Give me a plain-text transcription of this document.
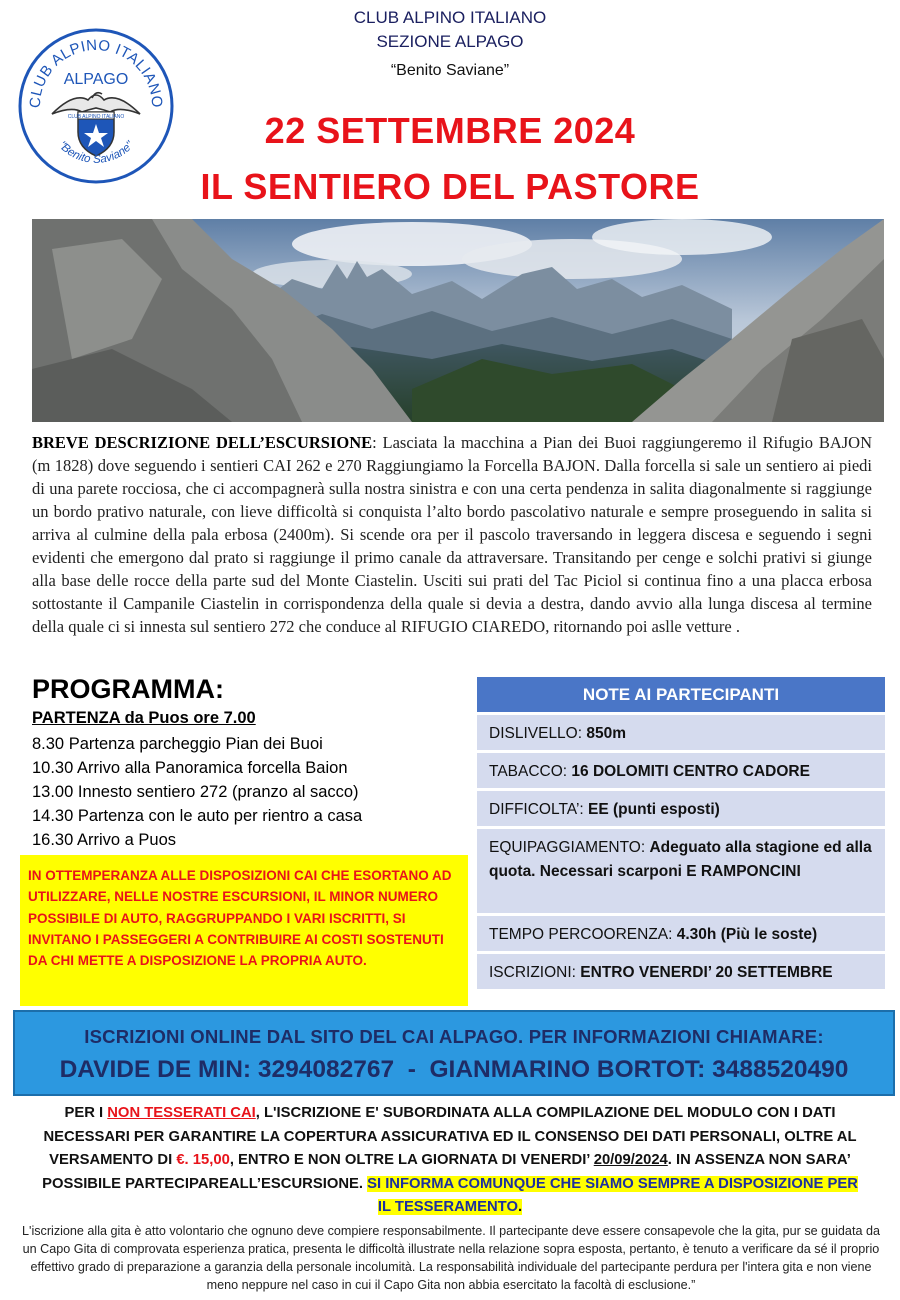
CLUB ALPINO ITALIANO
ALPAGO
CLUB ALPINO ITALIANO
"Benito Saviane"
CLUB ALPINO ITALIANO
SEZIONE ALPAGO
“Benito Saviane”
22 SETTEMBRE 2024
IL SENTIERO DEL PASTORE

BREVE DESCRIZIONE DELL’ESCURSIONE: Lasciata la macchina a Pian dei Buoi raggiungeremo il Rifugio BAJON (m 1828) dove seguendo i sentieri CAI 262 e 270 Raggiungiamo la Forcella BAJON. Dalla forcella si sale un sentiero ai piedi di una parete rocciosa, che ci accompagnerà sulla nostra sinistra e con una certa pendenza in salita diagonalmente si raggiunge un bordo prativo naturale, con lieve difficoltà si conquista l’alto bordo pascolativo naturale e sempre proseguendo in salita si arriva al culmine della pala erbosa (2400m). Si scende ora per il pascolo traversando in leggera discesa e seguendo i segni evidenti che emergono dal prato si raggiunge il primo canale da attraversare. Transitando per cenge e solchi prativi si giunge alla base delle rocce della parte sud del Monte Ciastelin. Usciti sui prati del Tac Piciol si continua fino a una placca erbosa sottostante il Campanile Ciastelin in corrispondenza della quale si devia a destra, dando avvio alla lunga discesa al termine della quale ci si innesta sul sentiero 272 che conduce al RIFUGIO CIAREDO, ritornando poi aslle vetture .

PROGRAMMA:
PARTENZA da Puos ore 7.00
8.30 Partenza parcheggio Pian dei Buoi
10.30 Arrivo alla Panoramica forcella Baion
13.00 Innesto sentiero 272 (pranzo al sacco)
14.30 Partenza con le auto per rientro a casa
16.30 Arrivo a Puos
IN OTTEMPERANZA ALLE DISPOSIZIONI CAI CHE ESORTANO AD UTILIZZARE, NELLE NOSTRE ESCURSIONI, IL MINOR NUMERO POSSIBILE DI AUTO, RAGGRUPPANDO I VARI ISCRITTI, SI INVITANO I PASSEGGERI A CONTRIBUIRE AI COSTI SOSTENUTI DA CHI METTE A DISPOSIZIONE LA PROPRIA AUTO.
NOTE AI PARTECIPANTI
DISLIVELLO: 850m
TABACCO: 16 DOLOMITI CENTRO CADORE
DIFFICOLTA’: EE (punti esposti)
EQUIPAGGIAMENTO: Adeguato alla stagione ed alla quota. Necessari scarponi E RAMPONCINI
TEMPO PERCOORENZA: 4.30h (Più le soste)
ISCRIZIONI: ENTRO VENERDI’ 20 SETTEMBRE
ISCRIZIONI ONLINE DAL SITO DEL CAI ALPAGO. PER INFORMAZIONI CHIAMARE:
DAVIDE DE MIN: 3294082767  -  GIANMARINO BORTOT: 3488520490
PER I NON TESSERATI CAI, L'ISCRIZIONE E' SUBORDINATA ALLA COMPILAZIONE DEL MODULO CON I DATI NECESSARI PER GARANTIRE LA COPERTURA ASSICURATIVA ED IL CONSENSO DEI DATI PERSONALI, OLTRE AL VERSAMENTO DI €. 15,00, ENTRO E NON OLTRE LA GIORNATA DI VENERDI’ 20/09/2024. IN ASSENZA NON SARA’ POSSIBILE PARTECIPAREALL’ESCURSIONE. SI INFORMA COMUNQUE CHE SIAMO SEMPRE A DISPOSIZIONE PER IL TESSERAMENTO.
L'iscrizione alla gita è atto volontario che ognuno deve compiere responsabilmente. Il partecipante deve essere consapevole che la gita, pur se guidata da un Capo Gita di comprovata esperienza pratica, presenta le difficoltà illustrate nella relazione sopra esposta, pertanto, è tenuto a verificare da sé il proprio effettivo grado di preparazione a garanzia della personale incolumità. La responsabilità individuale del partecipante perdura per l'intera gita e non viene meno neppure nel caso in cui il Capo Gita non abbia esercitato la facoltà di esclusione.”
